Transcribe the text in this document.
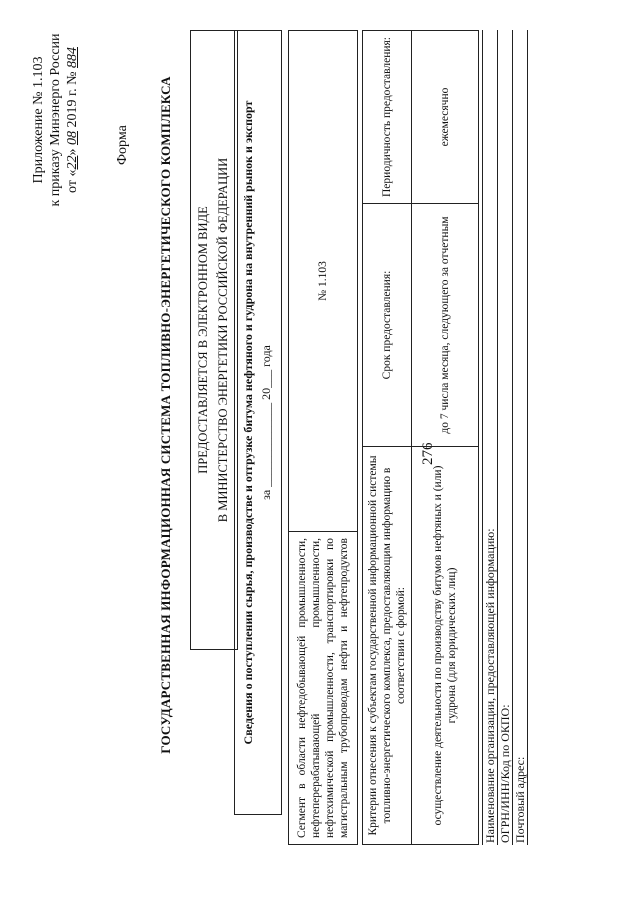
276
Приложение № 1.103 к приказу Минэнерго России от «22» 08 2019 г. № 884
Форма ГОСУДАРСТВЕННАЯ ИНФОРМАЦИОННАЯ СИСТЕМА ТОПЛИВНО-ЭНЕРГЕТИЧЕСКОГО КОМПЛЕКСА ПРЕДОСТАВЛЯЕТСЯ В ЭЛЕКТРОННОМ ВИДЕ В МИНИСТЕРСТВО ЭНЕРГЕТИКИ РОССИЙСКОЙ ФЕДЕРАЦИИ Сведения о поступлении сырья, производстве и отгрузке битума нефтяного и гудрона на внутренний рынок и экспорт за ______________ 20___ года
Сегмент в области нефтедобывающей промышленности, нефтеперерабатывающей промышленности, нефтехимической промышленности, транспортировки по магистральным трубопроводам нефти и нефтепродуктов	№ 1.103
Критерии отнесения к субъектам государственной информационной системы топливно-энергетического комплекса, предоставляющим информацию в соответствии с формой:	Срок предоставления:	Периодичность предоставления:
осуществление деятельности по производству битумов нефтяных и (или) гудрона (для юридических лиц)	до 7 числа месяца, следующего за отчетным	ежемесячно
Наименование организации, предоставляющей информацию: ОГРН/ИНН/Код по ОКПО: Почтовый адрес:
